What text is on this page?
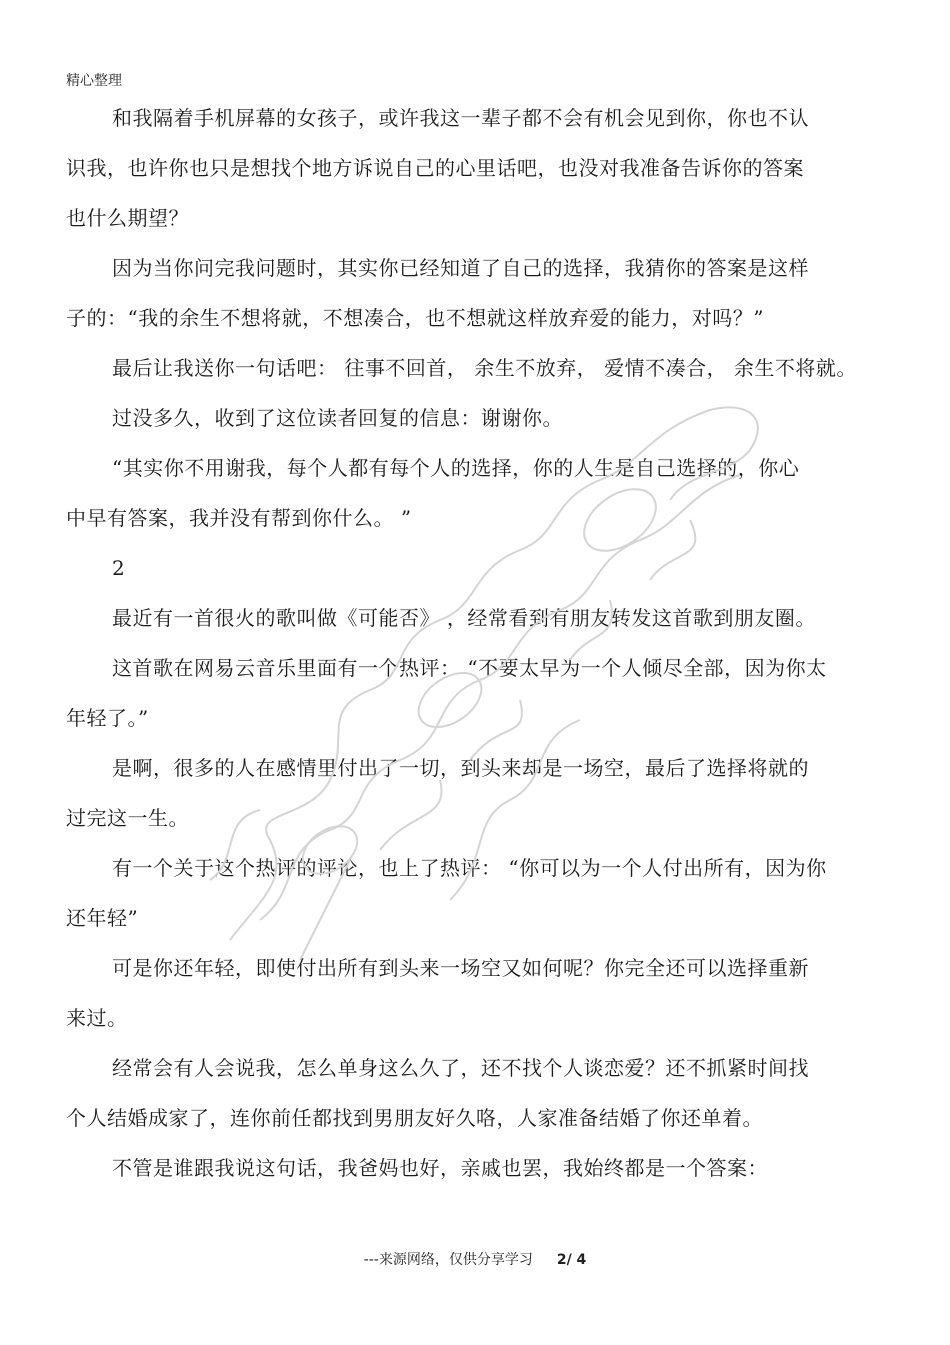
精心整理
和我隔着手机屏幕的女孩子，或许我这一辈子都不会有机会见到你，你也不认
识我，也许你也只是想找个地方诉说自己的心里话吧，也没对我准备告诉你的答案
也什么期望？
因为当你问完我问题时，其实你已经知道了自己的选择，我猜你的答案是这样
子的：“我的余生不想将就，不想凑合，也不想就这样放弃爱的能力，对吗？”
最后让我送你一句话吧： 往事不回首， 余生不放弃， 爱情不凑合， 余生不将就。
过没多久，收到了这位读者回复的信息：谢谢你。
“其实你不用谢我，每个人都有每个人的选择，你的人生是自己选择的，你心
中早有答案，我并没有帮到你什么。 ”
2
最近有一首很火的歌叫做《可能否》 ，经常看到有朋友转发这首歌到朋友圈。
这首歌在网易云音乐里面有一个热评： “不要太早为一个人倾尽全部，因为你太
年轻了。”
是啊，很多的人在感情里付出了一切，到头来却是一场空，最后了选择将就的
过完这一生。
有一个关于这个热评的评论，也上了热评： “你可以为一个人付出所有，因为你
还年轻”
可是你还年轻，即使付出所有到头来一场空又如何呢？你完全还可以选择重新
来过。
经常会有人会说我，怎么单身这么久了，还不找个人谈恋爱？还不抓紧时间找
个人结婚成家了，连你前任都找到男朋友好久咯，人家准备结婚了你还单着。
不管是谁跟我说这句话，我爸妈也好，亲戚也罢，我始终都是一个答案：
---来源网络，仅供分享学习 2/ 4
